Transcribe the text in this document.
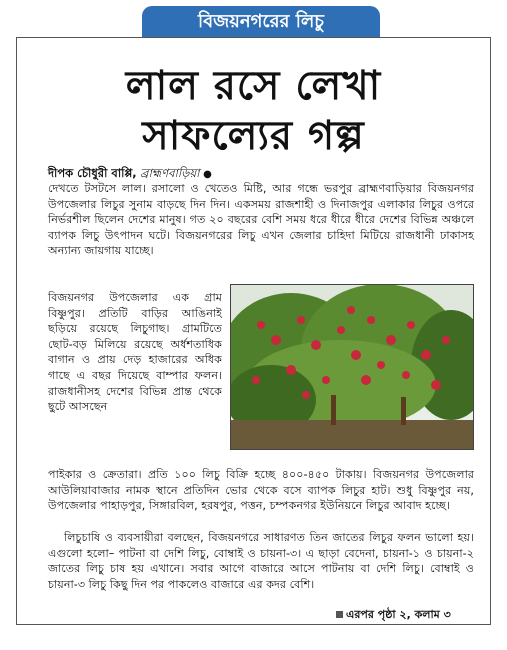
বিজয়নগরের লিচু
লাল রসে লেখা
সাফল্যের গল্প
দীপক চৌধুরী বাপ্পি, ব্রাহ্মণবাড়িয়া ●
দেখতে টসটসে লাল। রসালো ও খেতেও মিষ্টি, আর গন্ধে ভরপুর ব্রাহ্মণবাড়িয়ার বিজয়নগর উপজেলার লিচুর সুনাম বাড়ছে দিন দিন। একসময় রাজশাহী ও দিনাজপুর এলাকার লিচুর ওপরে নির্ভরশীল ছিলেন দেশের মানুষ। গত ২০ বছরের বেশি সময় ধরে ধীরে ধীরে দেশের বিভিন্ন অঞ্চলে ব্যাপক লিচু উৎপাদন ঘটে। বিজয়নগরের লিচু এখন জেলার চাহিদা মিটিয়ে রাজধানী ঢাকাসহ অন্যান্য জায়গায় যাচ্ছে।
বিজয়নগর উপজেলার এক গ্রাম বিষ্ণুপুর। প্রতিটি বাড়ির আঙিনাই ছড়িয়ে রয়েছে লিচুগাছ। গ্রামটিতে ছোট-বড় মিলিয়ে রয়েছে অর্ধশতাধিক বাগান ও প্রায় দেড় হাজারের অধিক গাছে এ বছর দিয়েছে বাম্পার ফলন। রাজধানীসহ দেশের বিভিন্ন প্রান্ত থেকে ছুটে আসছেন
পাইকার ও ক্রেতারা। প্রতি ১০০ লিচু বিক্রি হচ্ছে ৪০০-৪৫০ টাকায়। বিজয়নগর উপজেলার আউলিয়াবাজার নামক স্থানে প্রতিদিন ভোর থেকে বসে ব্যাপক লিচুর হাট। শুধু বিষ্ণুপুর নয়, উপজেলার পাহাড়পুর, সিঙ্গারবিল, হরষপুর, পত্তন, চম্পকনগর ইউনিয়নে লিচুর আবাদ হচ্ছে।
লিচুচাষি ও ব্যবসায়ীরা বলছেন, বিজয়নগরে সাধারণত তিন জাতের লিচুর ফলন ভালো হয়। এগুলো হলো– পাটনা বা দেশি লিচু, বোম্বাই ও চায়না-৩। এ ছাড়া বেদেনা, চায়না-১ ও চায়না-২ জাতের লিচু চাষ হয় এখানে। সবার আগে বাজারে আসে পাটনায় বা দেশি লিচু। বোম্বাই ও চায়না-৩ লিচু কিছু দিন পর পাকলেও বাজারে এর কদর বেশি।
এরপর পৃষ্ঠা ২, কলাম ৩
